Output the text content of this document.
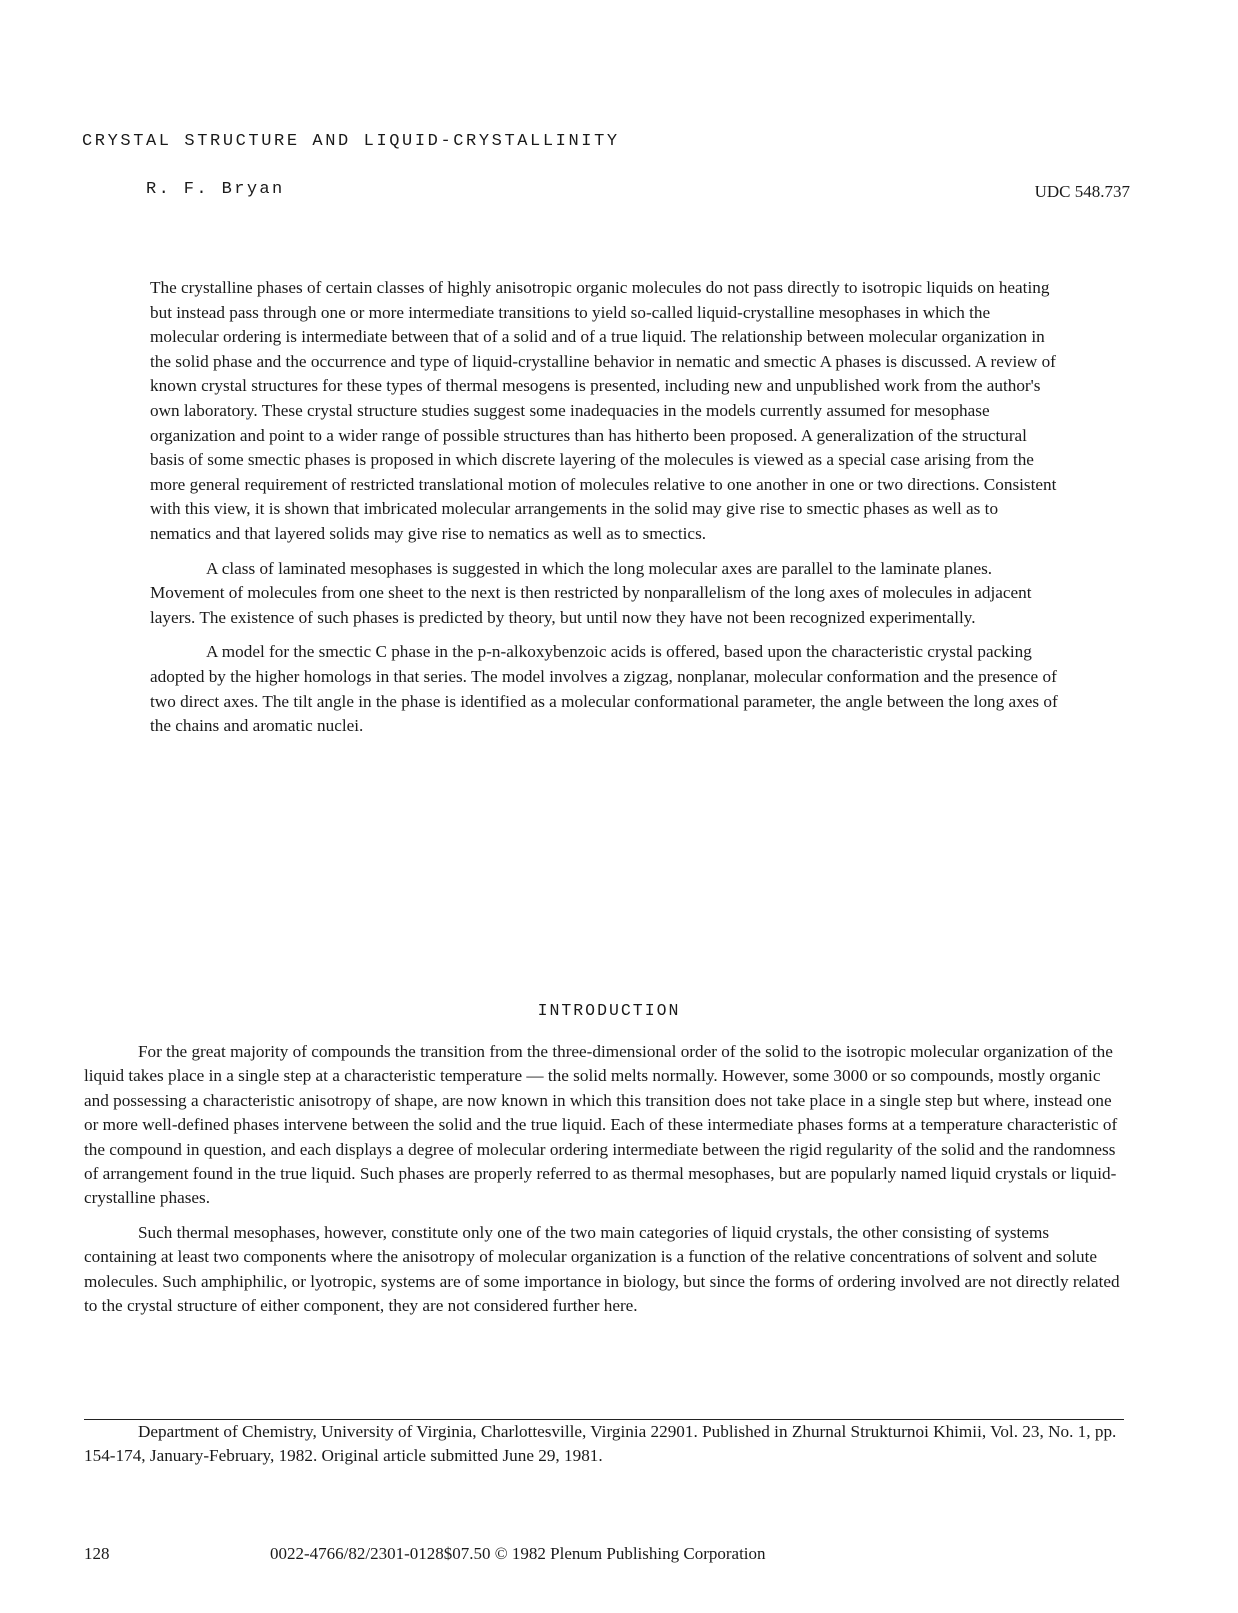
CRYSTAL STRUCTURE AND LIQUID-CRYSTALLINITY
R. F. Bryan	UDC 548.737

The crystalline phases of certain classes of highly anisotropic organic molecules do not pass directly to isotropic liquids on heating but instead pass through one or more intermediate transitions to yield so-called liquid-crystalline mesophases in which the molecular ordering is intermediate between that of a solid and of a true liquid. The relationship between molecular organization in the solid phase and the occurrence and type of liquid-crystalline behavior in nematic and smectic A phases is discussed. A review of known crystal structures for these types of thermal mesogens is presented, including new and unpublished work from the author's own laboratory. These crystal structure studies suggest some inadequacies in the models currently assumed for mesophase organization and point to a wider range of possible structures than has hitherto been proposed. A generalization of the structural basis of some smectic phases is proposed in which discrete layering of the molecules is viewed as a special case arising from the more general requirement of restricted translational motion of molecules relative to one another in one or two directions. Consistent with this view, it is shown that imbricated molecular arrangements in the solid may give rise to smectic phases as well as to nematics and that layered solids may give rise to nematics as well as to smectics.

A class of laminated mesophases is suggested in which the long molecular axes are parallel to the laminate planes. Movement of molecules from one sheet to the next is then restricted by nonparallelism of the long axes of molecules in adjacent layers. The existence of such phases is predicted by theory, but until now they have not been recognized experimentally.

A model for the smectic C phase in the p-n-alkoxybenzoic acids is offered, based upon the characteristic crystal packing adopted by the higher homologs in that series. The model involves a zigzag, nonplanar, molecular conformation and the presence of two direct axes. The tilt angle in the phase is identified as a molecular conformational parameter, the angle between the long axes of the chains and aromatic nuclei.

INTRODUCTION

For the great majority of compounds the transition from the three-dimensional order of the solid to the isotropic molecular organization of the liquid takes place in a single step at a characteristic temperature — the solid melts normally. However, some 3000 or so compounds, mostly organic and possessing a characteristic anisotropy of shape, are now known in which this transition does not take place in a single step but where, instead one or more well-defined phases intervene between the solid and the true liquid. Each of these intermediate phases forms at a temperature characteristic of the compound in question, and each displays a degree of molecular ordering intermediate between the rigid regularity of the solid and the randomness of arrangement found in the true liquid. Such phases are properly referred to as thermal mesophases, but are popularly named liquid crystals or liquid-crystalline phases.

Such thermal mesophases, however, constitute only one of the two main categories of liquid crystals, the other consisting of systems containing at least two components where the anisotropy of molecular organization is a function of the relative concentrations of solvent and solute molecules. Such amphiphilic, or lyotropic, systems are of some importance in biology, but since the forms of ordering involved are not directly related to the crystal structure of either component, they are not considered further here.

Department of Chemistry, University of Virginia, Charlottesville, Virginia 22901. Published in Zhurnal Strukturnoi Khimii, Vol. 23, No. 1, pp. 154-174, January-February, 1982. Original article submitted June 29, 1981.

128	0022-4766/82/2301-0128$07.50 © 1982 Plenum Publishing Corporation
